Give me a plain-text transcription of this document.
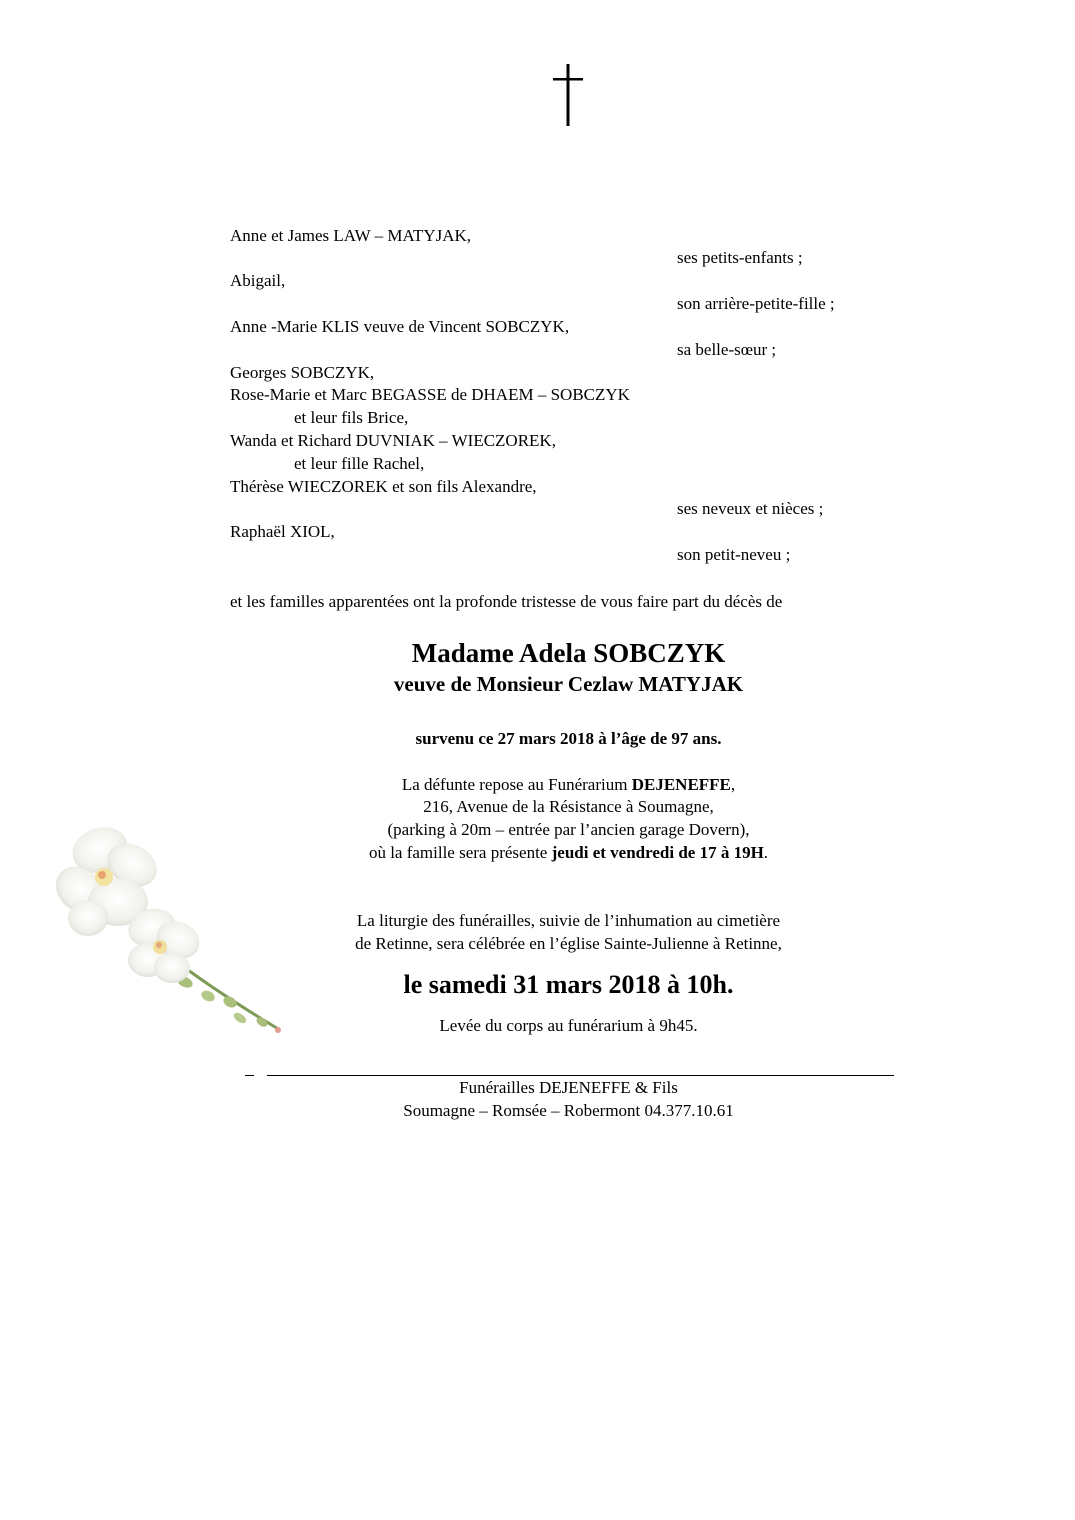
Anne et James LAW – MATYJAK,
ses petits-enfants ;
Abigail,
son arrière-petite-fille ;
Anne -Marie KLIS veuve de Vincent SOBCZYK,
sa belle-sœur ;
Georges SOBCZYK,
Rose-Marie et Marc BEGASSE de DHAEM – SOBCZYK
et leur fils Brice,
Wanda et Richard DUVNIAK – WIECZOREK,
et leur fille Rachel,
Thérèse WIECZOREK et son fils Alexandre,
ses neveux et nièces ;
Raphaël XIOL,
son petit-neveu ;
et les familles apparentées ont la profonde tristesse de vous faire part du décès de
Madame Adela SOBCZYK
veuve de Monsieur Cezlaw MATYJAK
survenu ce 27 mars 2018 à l’âge de 97 ans.
La défunte repose au Funérarium DEJENEFFE,
216, Avenue de la Résistance à Soumagne,
(parking à 20m – entrée par l’ancien garage Dovern),
où la famille sera présente jeudi et vendredi de 17 à 19H.
La liturgie des funérailles, suivie de l’inhumation au cimetière
de Retinne, sera célébrée en l’église Sainte-Julienne à Retinne,
le samedi 31 mars 2018 à 10h.
Levée du corps au funérarium à 9h45.
Funérailles DEJENEFFE & Fils
Soumagne – Romsée – Robermont 04.377.10.61
